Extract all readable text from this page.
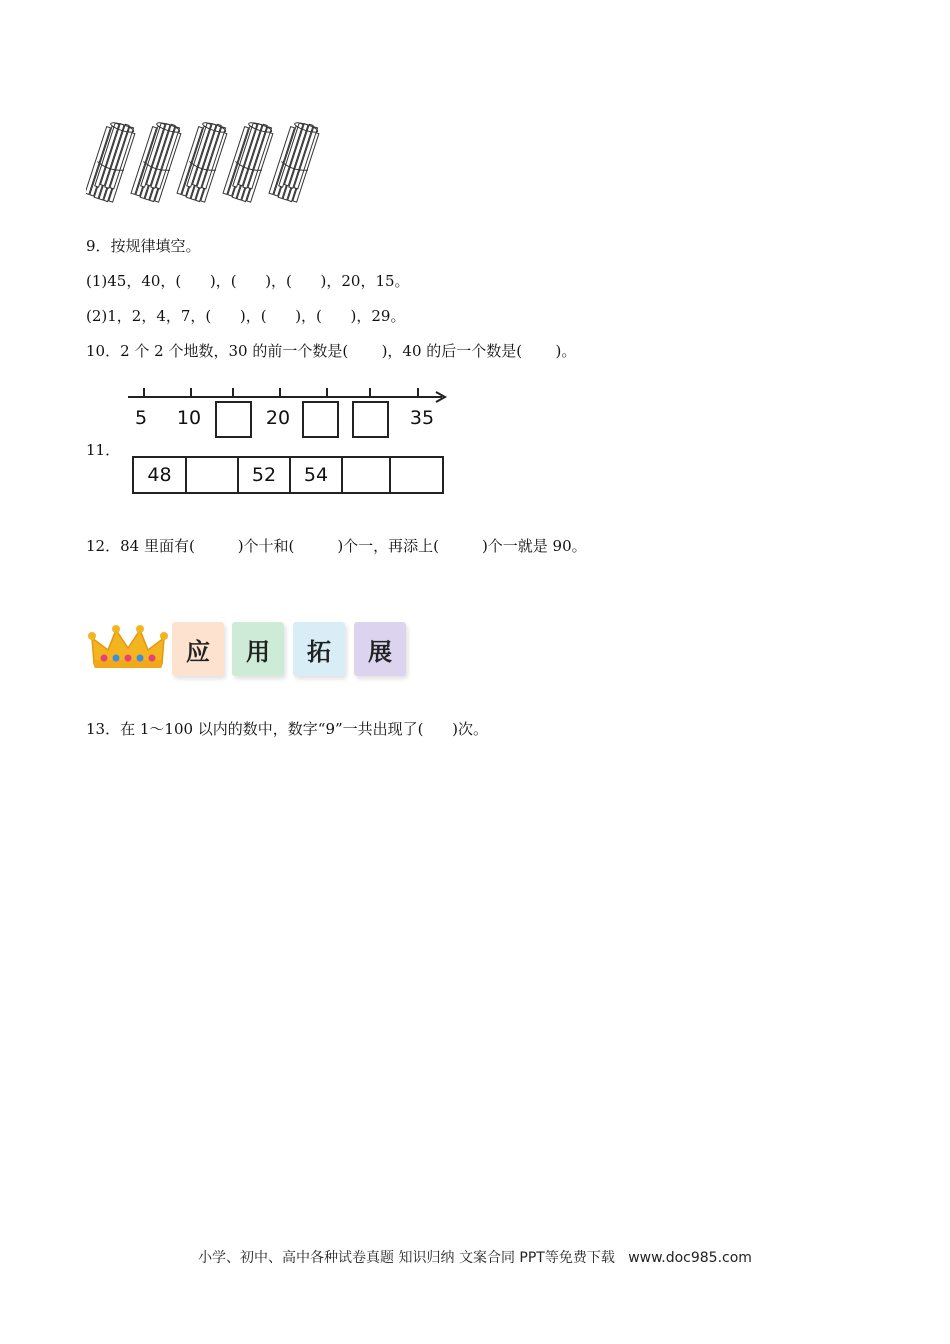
9．按规律填空。
(1)45，40，(      )，(      )，(      )，20，15。
(2)1，2，4，7，(      )，(      )，(      )，29。
10．2 个 2 个地数，30 的前一个数是(       )，40 的后一个数是(       )。
11．
5 10	20	35
48		52	54		
12．84 里面有(         )个十和(         )个一，再添上(         )个一就是 90。
应	用	拓	展
13．在 1～100 以内的数中，数字“9”一共出现了(      )次。
小学、初中、高中各种试卷真题 知识归纳 文案合同 PPT等免费下载   www.doc985.com
